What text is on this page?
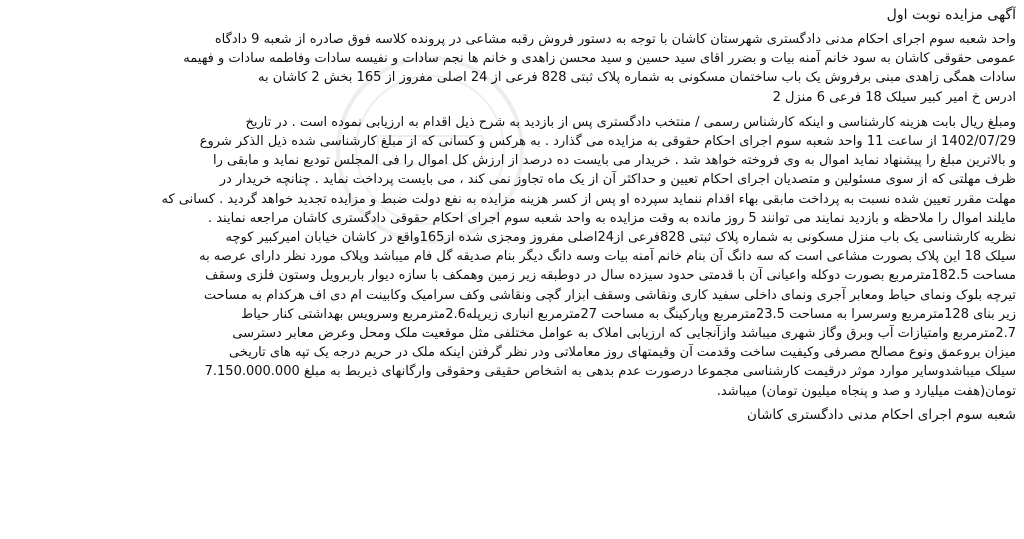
آگهی مزایده نوبت اول
واحد شعبه سوم اجرای احکام مدنی دادگستری شهرستان کاشان با توجه به دستور فروش رقبه مشاعی در پرونده کلاسه فوق صادره از شعبه 9 دادگاه
عمومی حقوقی کاشان به سود خانم آمنه بیات و بضرر اقای سید حسین و سید محسن زاهدی و خانم ها نجم سادات و نفیسه سادات وفاطمه سادات و فهیمه
سادات همگی زاهدی مبنی برفروش یک باب ساختمان مسکونی به شماره پلاک ثبتی 828 فرعی از 24 اصلی مفروز از 165 بخش 2 کاشان به
ادرس خ امیر کبیر سیلک 18 فرعی 6 منزل 2
ومبلغ ریال بابت هزینه کارشناسی و اینکه کارشناس رسمی / منتخب دادگستری پس از بازدید به شرح ذیل اقدام به ارزیابی نموده است . در تاریخ
1402/07/29 از ساعت 11 واحد شعبه سوم اجرای احکام حقوقی به مزایده می گذارد . به هرکس و کسانی که از مبلغ کارشناسی شده ذیل الذکر شروع
و بالاترین مبلغ را پیشنهاد نماید اموال به وی فروخته خواهد شد . خریدار می بایست ده درصد از ارزش کل اموال را فی المجلس تودیع نماید و مابقی را
ظرف مهلتی که از سوی مسئولین و متصدیان اجرای احکام تعیین و حداکثر آن از یک ماه تجاوز نمی کند ، می بایست پرداخت نماید . چنانچه خریدار در
مهلت مقرر تعیین شده نسبت به پرداخت مابقی بهاء اقدام ننماید سپرده او پس از کسر هزینه مزایده به نفع دولت ضبط و مزایده تجدید خواهد گردید . کسانی که
مایلند اموال را ملاحظه و بازدید نمایند می توانند 5 روز مانده به وقت مزایده به واحد شعبه سوم اجرای احکام حقوقی دادگستری کاشان مراجعه نمایند .
نظریه کارشناسی یک باب منزل مسکونی به شماره پلاک ثبتی 828فرعی از24اصلی مفروز ومجزی شده از165واقع در کاشان خیابان امیرکبیر کوچه
سیلک 18 این پلاک بصورت مشاعی است که سه دانگ آن بنام خانم آمنه بیات وسه دانگ دیگر بنام صدیقه گل فام میباشد وپلاک مورد نظر دارای عرصه به
مساحت 182.5مترمربع بصورت دوکله واعیانی آن با قدمتی حدود سیزده سال در دوطبقه زیر زمین وهمکف با سازه دیوار باربرویل وستون فلزی وسقف
تیرچه بلوک ونمای حیاط ومعابر آجری ونمای داخلی سفید کاری ونقاشی وسقف ابزار گچی ونقاشی وکف سرامیک وکابینت ام دی اف هرکدام به مساحت
زیر بنای 128مترمربع وسرسرا به مساحت 23.5مترمربع وپارکینگ به مساحت 27مترمربع انباری زیرپله2.6مترمربع وسرویس بهداشتی کنار حیاط
2.7مترمربع وامتیازات آب وبرق وگاز شهری میباشد وازآنجایی که ارزیابی املاک به عوامل مختلفی مثل موقعیت ملک ومحل وعرض معابر دسترسی
میزان بروعمق ونوع مصالح مصرفی وکیفیت ساخت وقدمت آن وقیمتهای روز معاملاتی ودر نظر گرفتن اینکه ملک در حریم درجه یک تپه های تاریخی
سیلک میباشدوسایر موارد موثر درقیمت کارشناسی مجموعا درصورت عدم بدهی به اشخاص حقیقی وحقوقی وارگانهای ذیربط به مبلغ 7.150.000.000
تومان(هفت میلیارد و صد و پنجاه میلیون تومان) میباشد.
شعبه سوم اجرای احکام مدنی دادگستری کاشان
